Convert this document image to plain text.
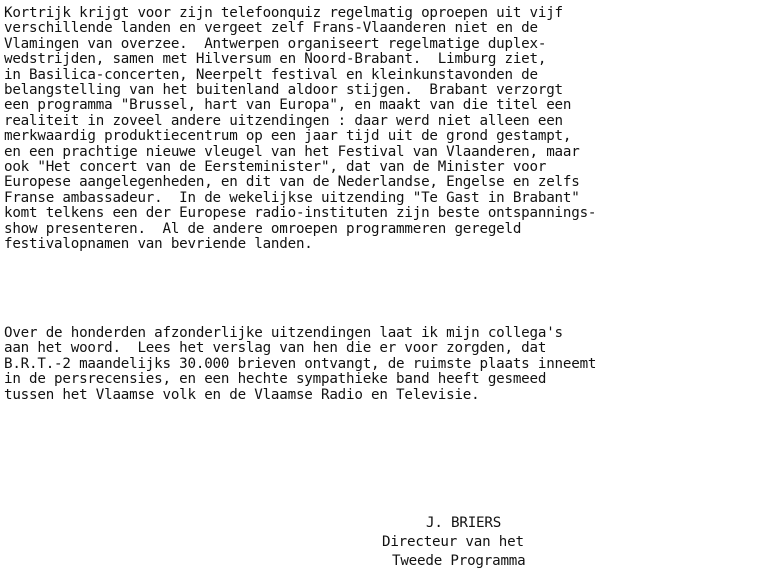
Kortrijk krijgt voor zijn telefoonquiz regelmatig oproepen uit vijf
verschillende landen en vergeet zelf Frans-Vlaanderen niet en de
Vlamingen van overzee.  Antwerpen organiseert regelmatige duplex-
wedstrijden, samen met Hilversum en Noord-Brabant.  Limburg ziet,
in Basilica-concerten, Neerpelt festival en kleinkunstavonden de
belangstelling van het buitenland aldoor stijgen.  Brabant verzorgt
een programma "Brussel, hart van Europa", en maakt van die titel een
realiteit in zoveel andere uitzendingen : daar werd niet alleen een
merkwaardig produktiecentrum op een jaar tijd uit de grond gestampt,
en een prachtige nieuwe vleugel van het Festival van Vlaanderen, maar
ook "Het concert van de Eersteminister", dat van de Minister voor
Europese aangelegenheden, en dit van de Nederlandse, Engelse en zelfs
Franse ambassadeur.  In de wekelijkse uitzending "Te Gast in Brabant"
komt telkens een der Europese radio-instituten zijn beste ontspannings-
show presenteren.  Al de andere omroepen programmeren geregeld
festivalopnamen van bevriende landen.

Over de honderden afzonderlijke uitzendingen laat ik mijn collega's
aan het woord.  Lees het verslag van hen die er voor zorgden, dat
B.R.T.-2 maandelijks 30.000 brieven ontvangt, de ruimste plaats inneemt
in de persrecensies, en een hechte sympathieke band heeft gesmeed
tussen het Vlaamse volk en de Vlaamse Radio en Televisie.

J. BRIERS
Directeur van het
Tweede Programma
